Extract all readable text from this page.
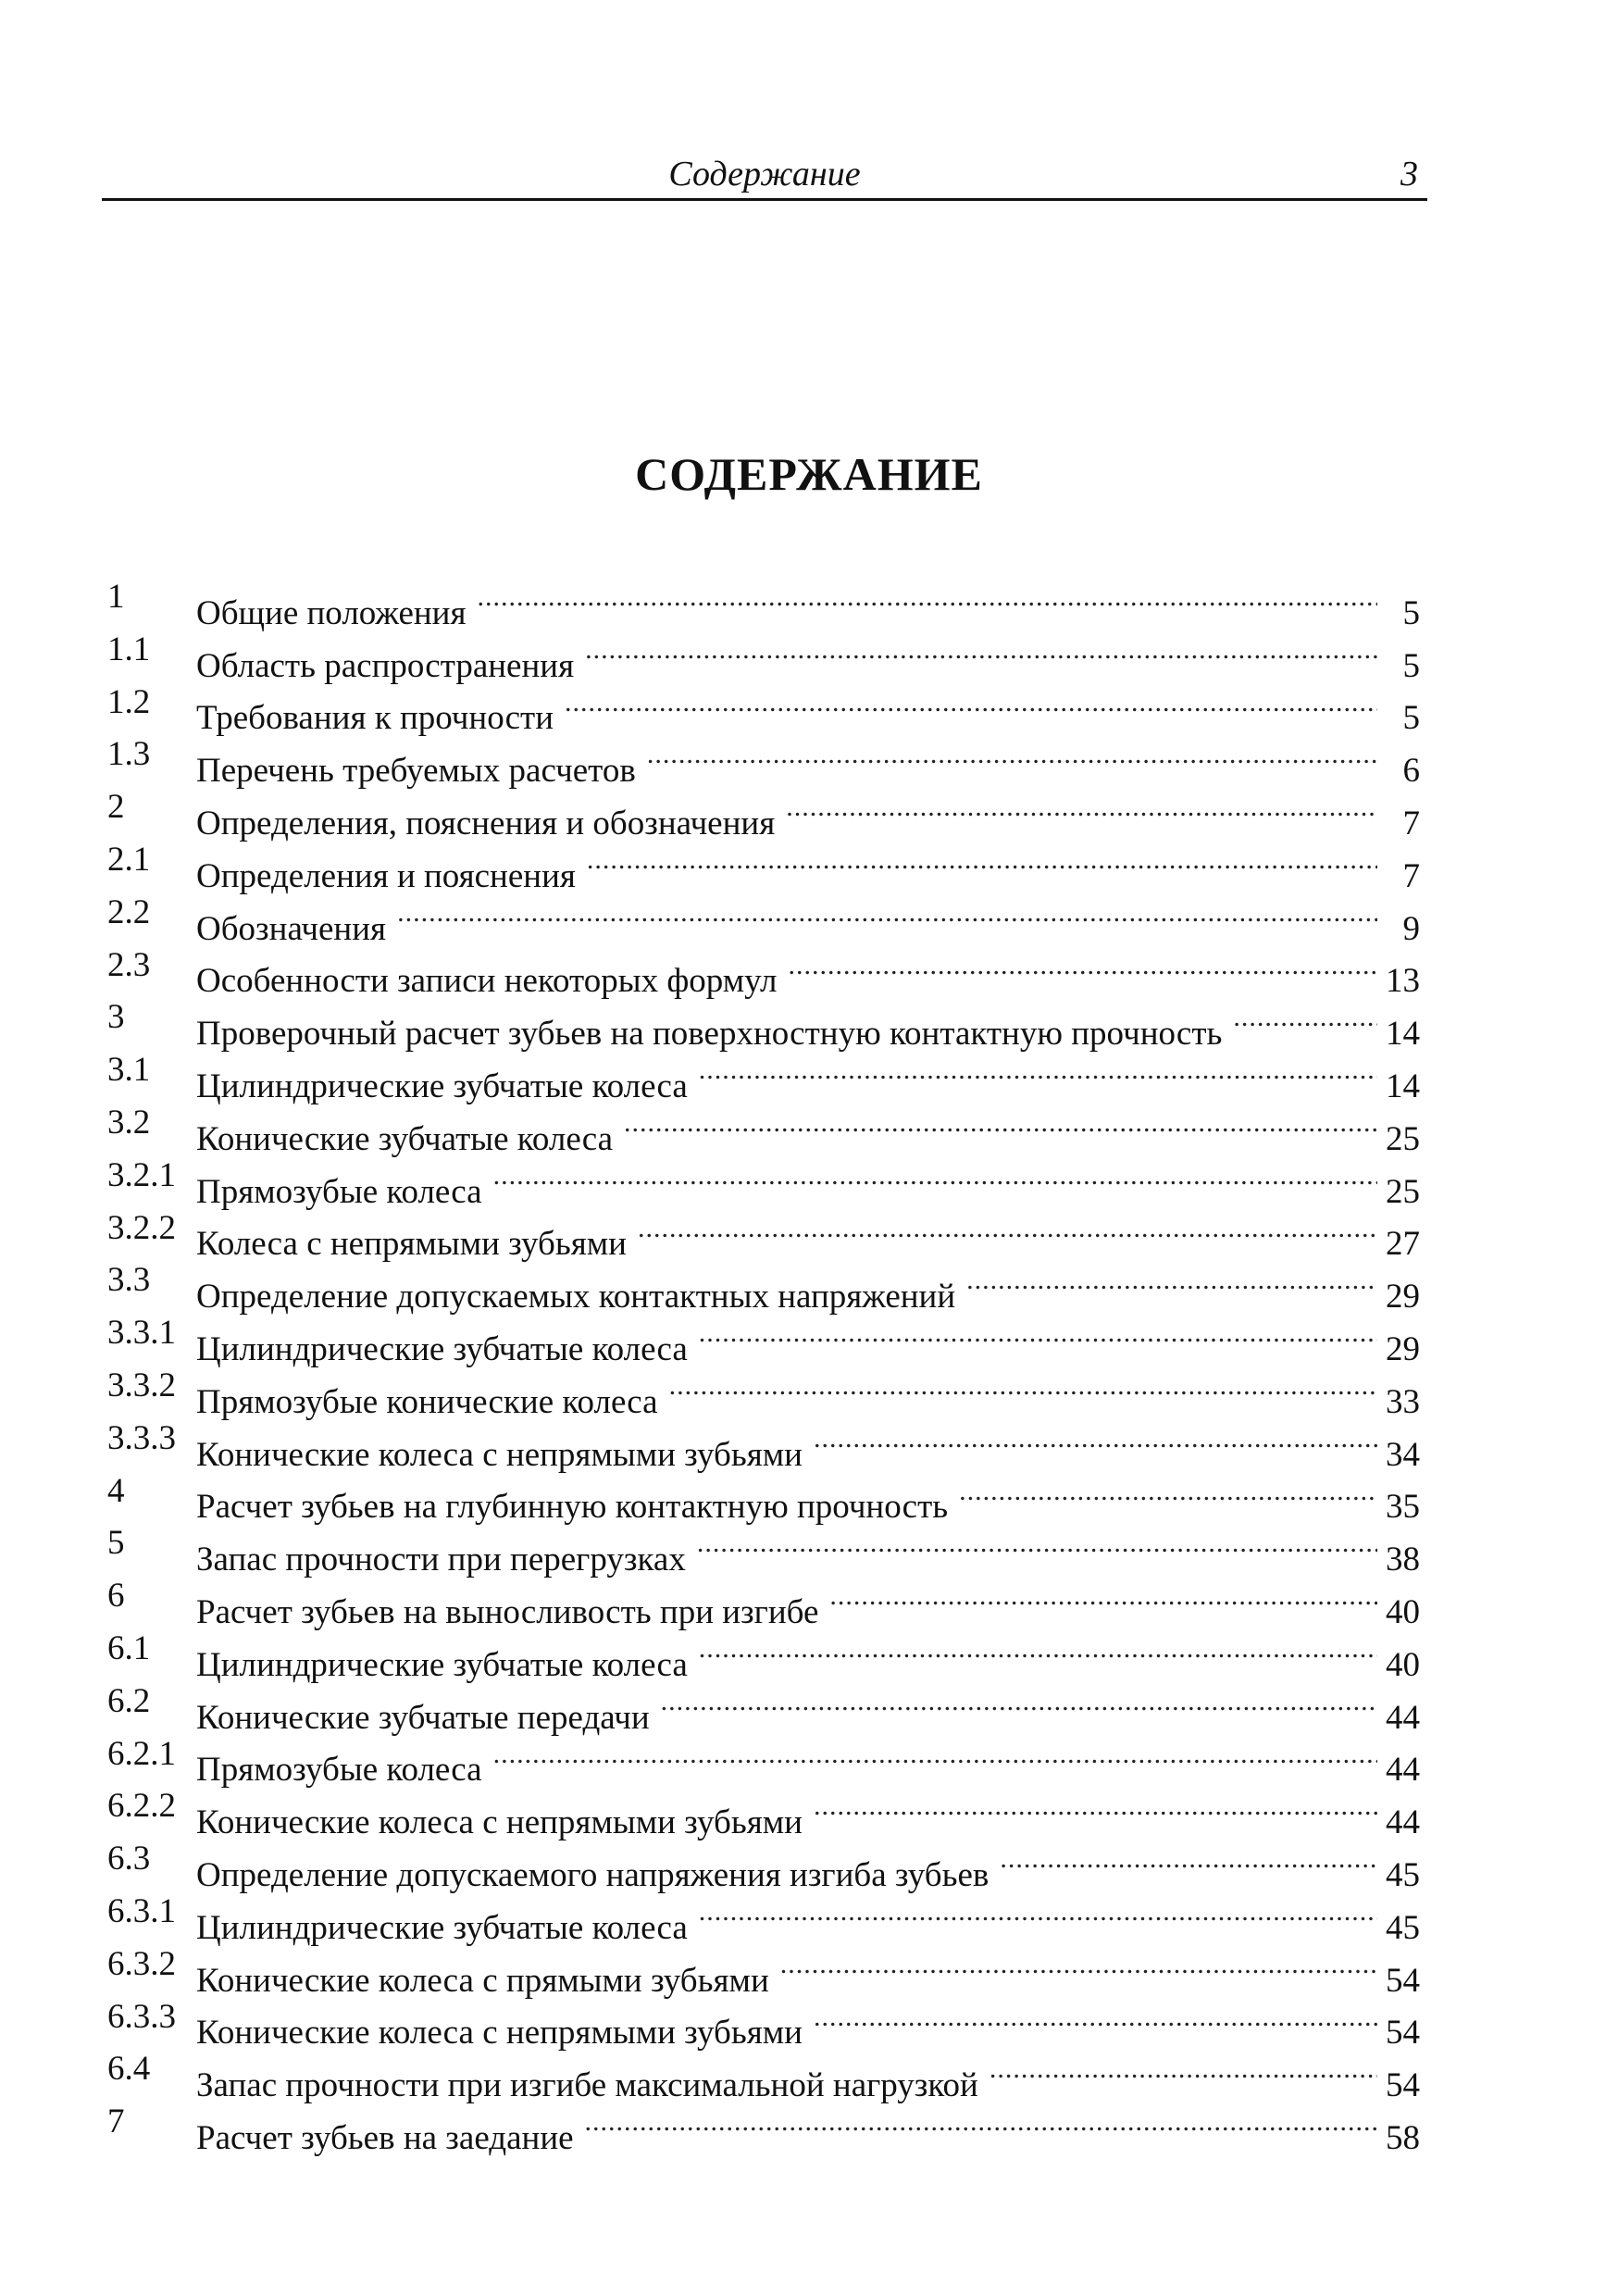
Содержание	3
СОДЕРЖАНИЕ
1	Общие положения .....	5
1.1	Область распространения .....	5
1.2	Требования к прочности .....	5
1.3	Перечень требуемых расчетов .....	6
2	Определения, пояснения и обозначения .....	7
2.1	Определения и пояснения .....	7
2.2	Обозначения .....	9
2.3	Особенности записи некоторых формул .....	13
3	Проверочный расчет зубьев на поверхностную контактную прочность .....	14
3.1	Цилиндрические зубчатые колеса .....	14
3.2	Конические зубчатые колеса .....	25
3.2.1 Прямозубые колеса .....	25
3.2.2 Колеса с непрямыми зубьями .....	27
3.3	Определение допускаемых контактных напряжений .....	29
3.3.1 Цилиндрические зубчатые колеса .....	29
3.3.2 Прямозубые конические колеса .....	33
3.3.3 Конические колеса с непрямыми зубьями .....	34
4	Расчет зубьев на глубинную контактную прочность .....	35
5	Запас прочности при перегрузках .....	38
6	Расчет зубьев на выносливость при изгибе .....	40
6.1	Цилиндрические зубчатые колеса .....	40
6.2	Конические зубчатые передачи .....	44
6.2.1 Прямозубые колеса .....	44
6.2.2 Конические колеса с непрямыми зубьями .....	44
6.3	Определение допускаемого напряжения изгиба зубьев .....	45
6.3.1 Цилиндрические зубчатые колеса .....	45
6.3.2 Конические колеса с прямыми зубьями .....	54
6.3.3 Конические колеса с непрямыми зубьями .....	54
6.4	Запас прочности при изгибе максимальной нагрузкой .....	54
7	Расчет зубьев на заедание .....	58
